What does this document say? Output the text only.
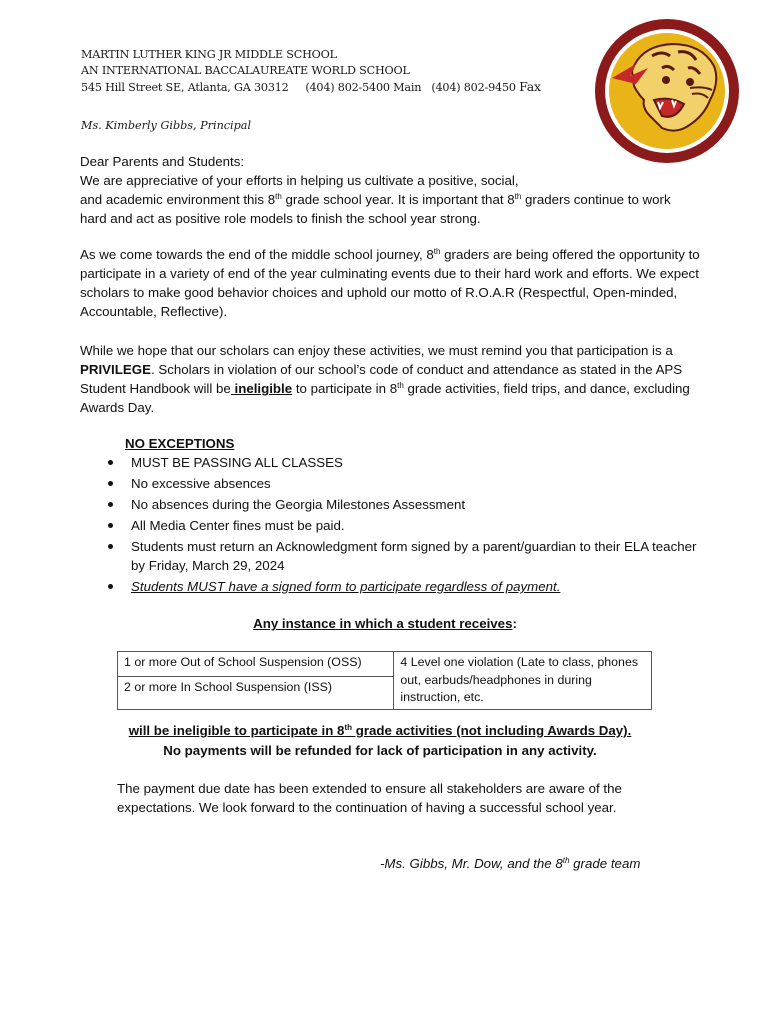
MARTIN LUTHER KING JR MIDDLE SCHOOL
AN INTERNATIONAL BACCALAUREATE WORLD SCHOOL
545 Hill Street SE, Atlanta, GA 30312     (404) 802-5400 Main   (404) 802-9450 Fax
Ms. Kimberly Gibbs, Principal
Dear Parents and Students:
We are appreciative of your efforts in helping us cultivate a positive, social,
and academic environment this 8th grade school year. It is important that 8th graders continue to work hard and act as positive role models to finish the school year strong.
As we come towards the end of the middle school journey, 8th graders are being offered the opportunity to participate in a variety of end of the year culminating events due to their hard work and efforts. We expect scholars to make good behavior choices and uphold our motto of R.O.A.R (Respectful, Open-minded, Accountable, Reflective).
While we hope that our scholars can enjoy these activities, we must remind you that participation is a PRIVILEGE. Scholars in violation of our school’s code of conduct and attendance as stated in the APS Student Handbook will be ineligible to participate in 8th grade activities, field trips, and dance, excluding Awards Day.
NO EXCEPTIONS
MUST BE PASSING ALL CLASSES
No excessive absences
No absences during the Georgia Milestones Assessment
All Media Center fines must be paid.
Students must return an Acknowledgment form signed by a parent/guardian to their ELA teacher by Friday, March 29, 2024
Students MUST have a signed form to participate regardless of payment.
Any instance in which a student receives:
1 or more Out of School Suspension (OSS)	4 Level one violation (Late to class, phones out, earbuds/headphones in during instruction, etc.
2 or more In School Suspension (ISS)
will be ineligible to participate in 8th grade activities (not including Awards Day).
No payments will be refunded for lack of participation in any activity.
The payment due date has been extended to ensure all stakeholders are aware of the expectations. We look forward to the continuation of having a successful school year.
-Ms. Gibbs, Mr. Dow, and the 8th grade team
